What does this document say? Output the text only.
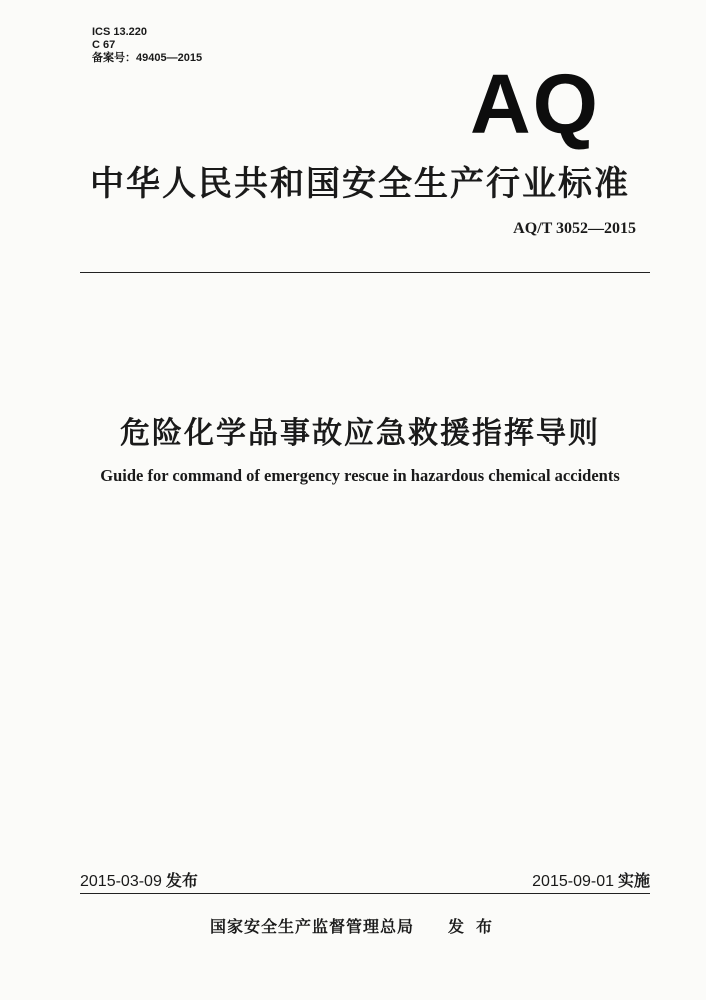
ICS 13.220
C 67
备案号：49405—2015	AQ
中华人民共和国安全生产行业标准
AQ/T 3052—2015
危险化学品事故应急救援指挥导则
Guide for command of emergency rescue in hazardous chemical accidents
2015-03-09 发布	2015-09-01 实施
国家安全生产监督管理总局 发布
